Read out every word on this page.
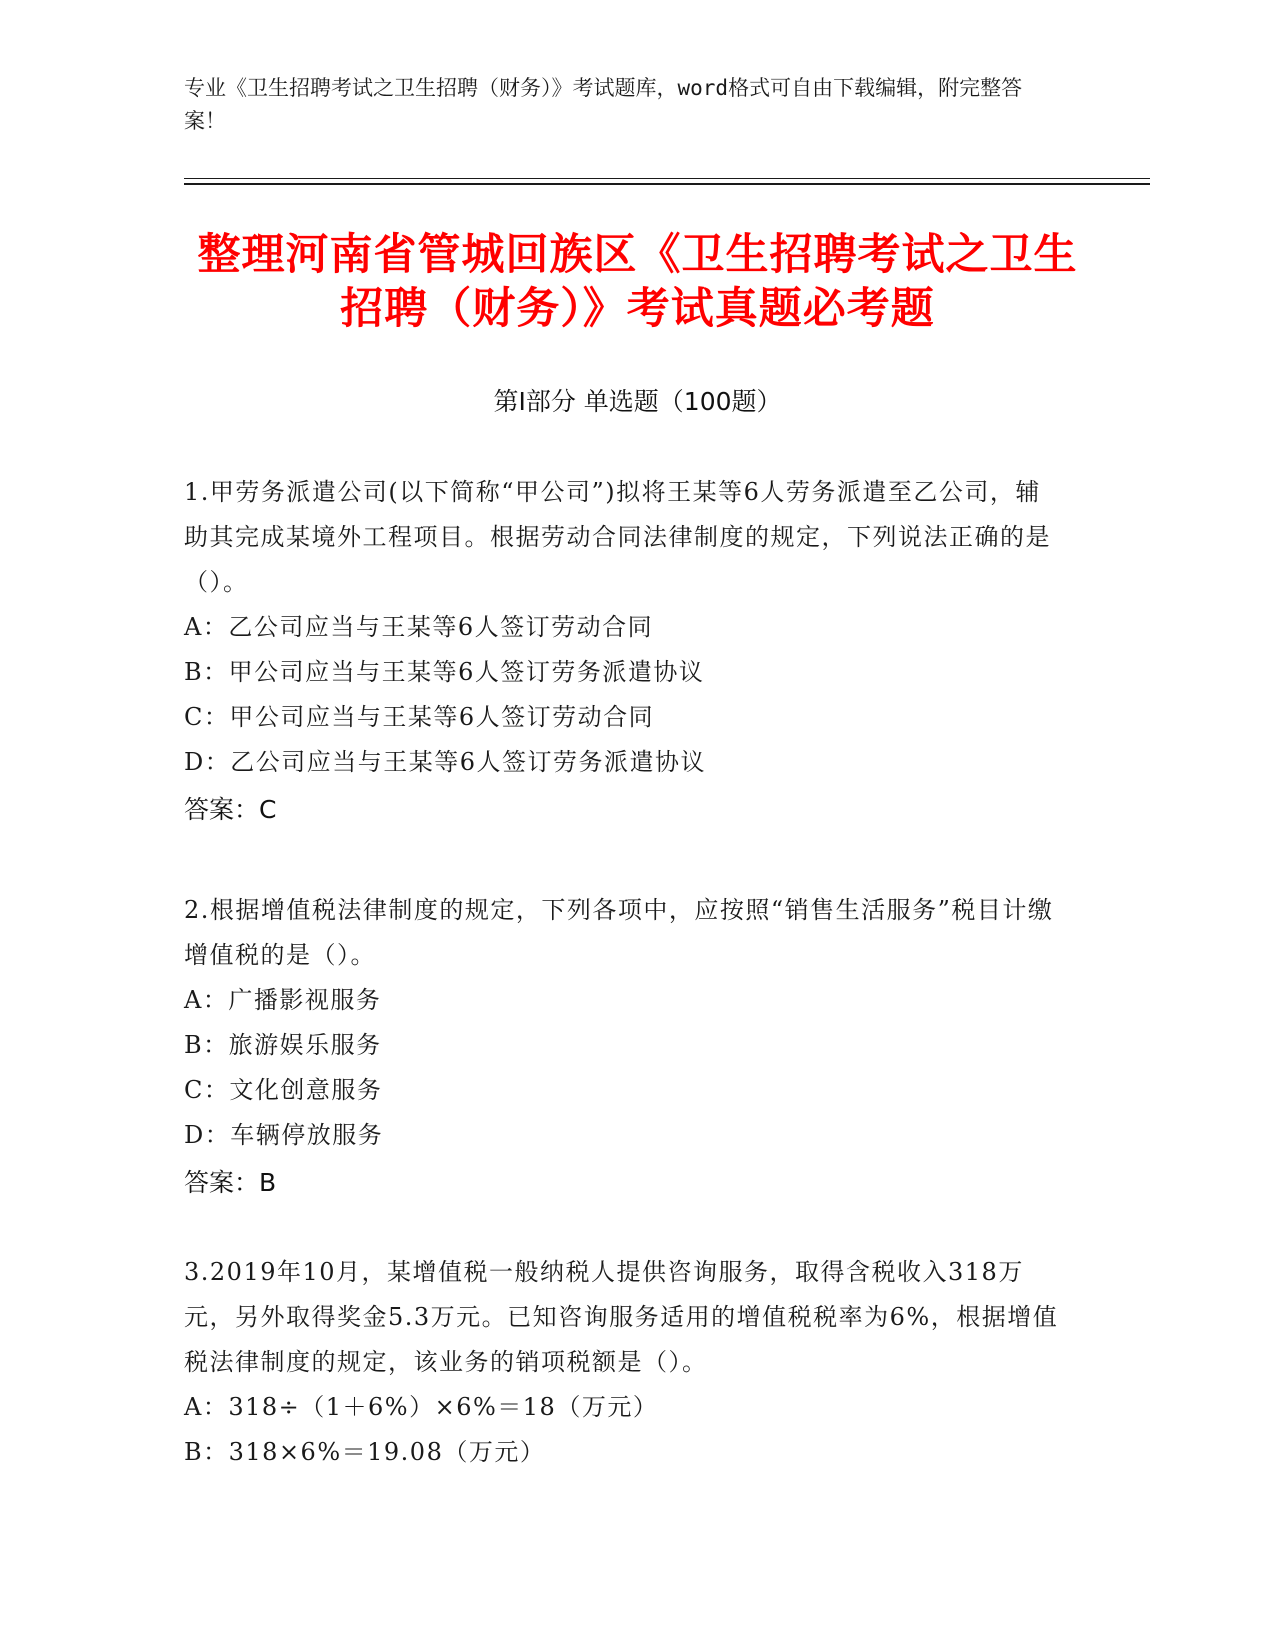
专业《卫生招聘考试之卫生招聘（财务）》考试题库，word格式可自由下载编辑，附完整答案！
整理河南省管城回族区《卫生招聘考试之卫生招聘（财务）》考试真题必考题
第Ⅰ部分 单选题（100题）
1.甲劳务派遣公司(以下简称“甲公司”)拟将王某等6人劳务派遣至乙公司，辅助其完成某境外工程项目。根据劳动合同法律制度的规定，下列说法正确的是（）。
A：乙公司应当与王某等6人签订劳动合同
B：甲公司应当与王某等6人签订劳务派遣协议
C：甲公司应当与王某等6人签订劳动合同
D：乙公司应当与王某等6人签订劳务派遣协议
答案：C
2.根据增值税法律制度的规定，下列各项中，应按照“销售生活服务”税目计缴增值税的是（）。
A：广播影视服务
B：旅游娱乐服务
C：文化创意服务
D：车辆停放服务
答案：B
3.2019年10月，某增值税一般纳税人提供咨询服务，取得含税收入318万元，另外取得奖金5.3万元。已知咨询服务适用的增值税税率为6%，根据增值税法律制度的规定，该业务的销项税额是（）。
A：318÷（1＋6%）×6%＝18（万元）
B：318×6%＝19.08（万元）
